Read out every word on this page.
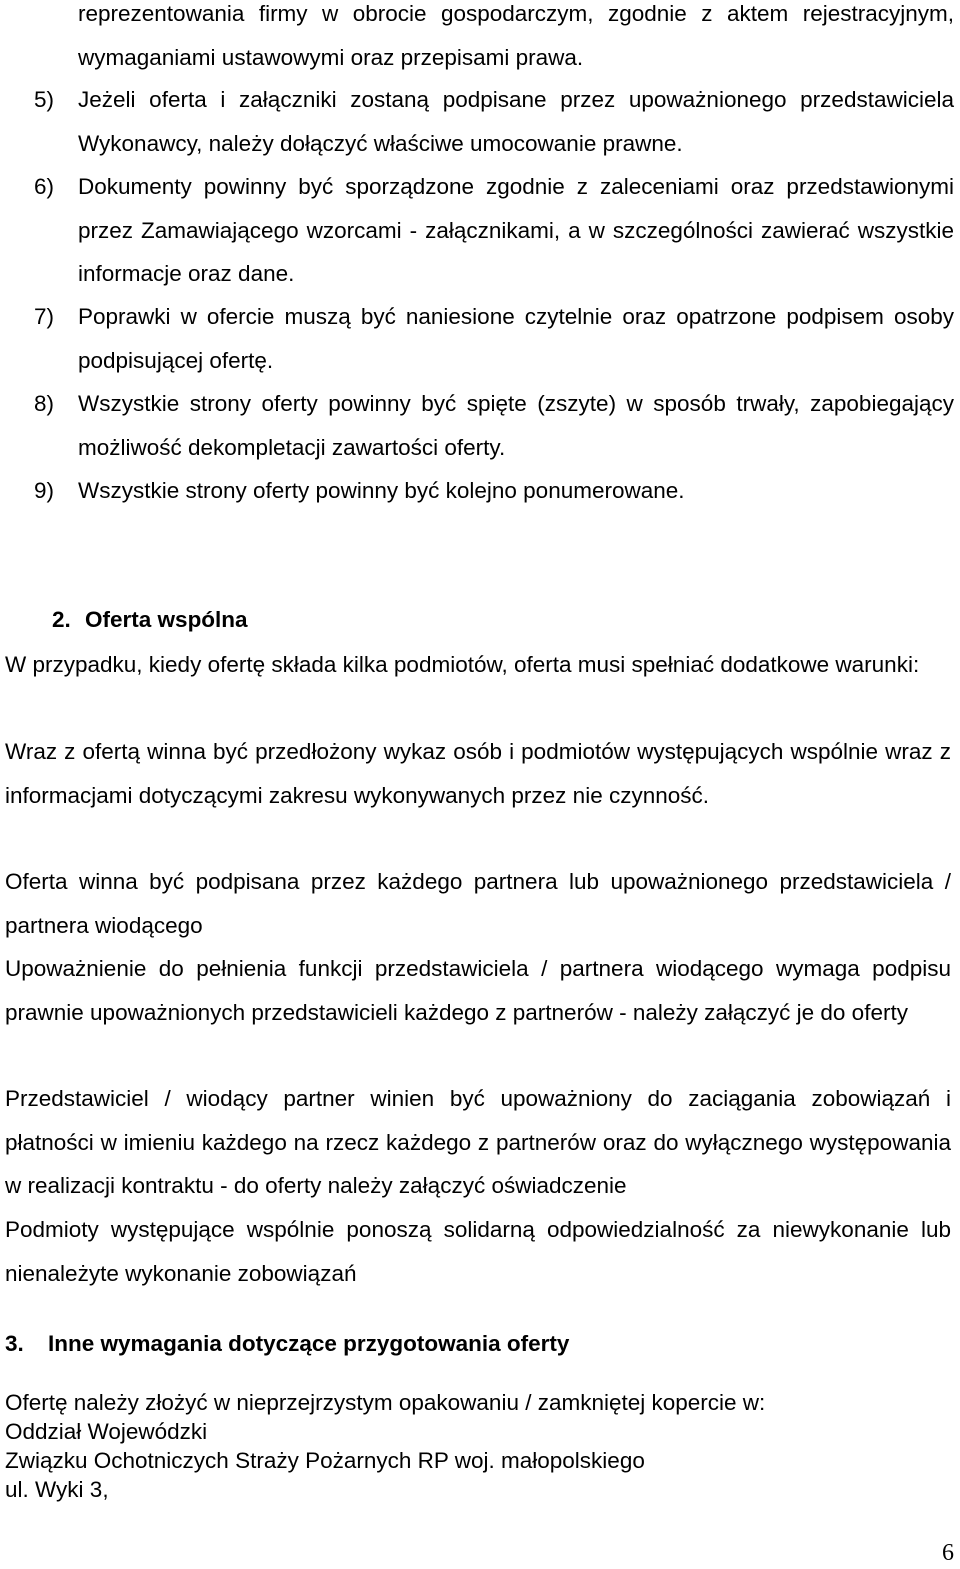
reprezentowania firmy w obrocie gospodarczym, zgodnie z aktem rejestracyjnym, wymaganiami ustawowymi oraz przepisami prawa.
5) Jeżeli oferta i załączniki zostaną podpisane przez upoważnionego przedstawiciela Wykonawcy, należy dołączyć właściwe umocowanie prawne.
6) Dokumenty powinny być sporządzone zgodnie z zaleceniami oraz przedstawionymi przez Zamawiającego wzorcami - załącznikami, a w szczególności zawierać wszystkie informacje oraz dane.
7) Poprawki w ofercie muszą być naniesione czytelnie oraz opatrzone podpisem osoby podpisującej ofertę.
8) Wszystkie strony oferty powinny być spięte (zszyte) w sposób trwały, zapobiegający możliwość dekompletacji zawartości oferty.
9) Wszystkie strony oferty powinny być kolejno ponumerowane.
2. Oferta wspólna
W przypadku, kiedy ofertę składa kilka podmiotów, oferta musi spełniać dodatkowe warunki:
Wraz z ofertą winna być przedłożony wykaz osób i podmiotów występujących wspólnie wraz z informacjami dotyczącymi zakresu wykonywanych przez nie czynność.
Oferta winna być podpisana przez każdego partnera lub upoważnionego przedstawiciela / partnera wiodącego
Upoważnienie do pełnienia funkcji przedstawiciela / partnera wiodącego wymaga podpisu prawnie upoważnionych przedstawicieli każdego z partnerów - należy załączyć je do oferty
Przedstawiciel / wiodący partner winien być upoważniony do zaciągania zobowiązań i płatności w imieniu każdego na rzecz każdego z partnerów oraz do wyłącznego występowania w realizacji kontraktu - do oferty należy załączyć oświadczenie
Podmioty występujące wspólnie ponoszą solidarną odpowiedzialność za niewykonanie lub nienależyte wykonanie zobowiązań
3. Inne wymagania dotyczące przygotowania oferty
Ofertę należy złożyć w nieprzejrzystym opakowaniu / zamkniętej kopercie w:
Oddział Wojewódzki
Związku Ochotniczych Straży Pożarnych RP woj. małopolskiego
ul. Wyki 3,
6
